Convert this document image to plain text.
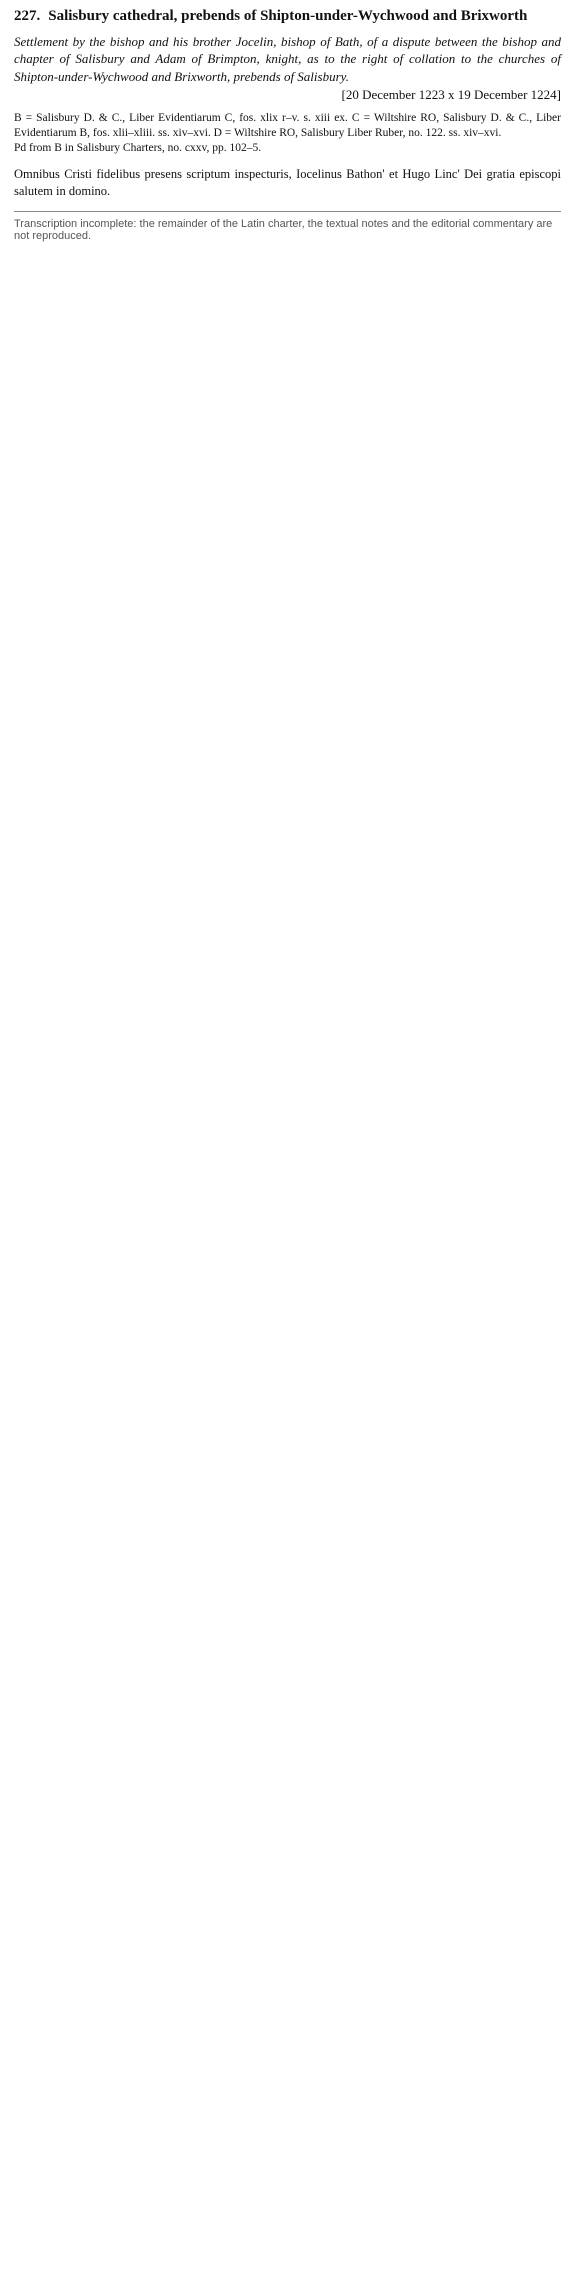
227. Salisbury cathedral, prebends of Shipton-under-Wychwood and Brixworth

Settlement by the bishop and his brother Jocelin, bishop of Bath, of a dispute between the bishop and chapter of Salisbury and Adam of Brimpton, knight, as to the right of collation to the churches of Shipton-under-Wychwood and Brixworth, prebends of Salisbury.

[20 December 1223 x 19 December 1224]

B = Salisbury D. & C., Liber Evidentiarum C, fos. xlix r–v. s. xiii ex. C = Wiltshire RO, Salisbury D. & C., Liber Evidentiarum B, fos. xlii–xliii. ss. xiv–xvi. D = Wiltshire RO, Salisbury Liber Ruber, no. 122. ss. xiv–xvi.

Pd from B in Salisbury Charters, no. cxxv, pp. 102–5.

Omnibus Cristi fidelibus presens scriptum inspecturis, Iocelinus Bathon' et Hugo Linc' Dei gratia episcopi salutem in domino.

Transcription incomplete: the remainder of the Latin charter, the textual notes and the editorial commentary are not reproduced.
